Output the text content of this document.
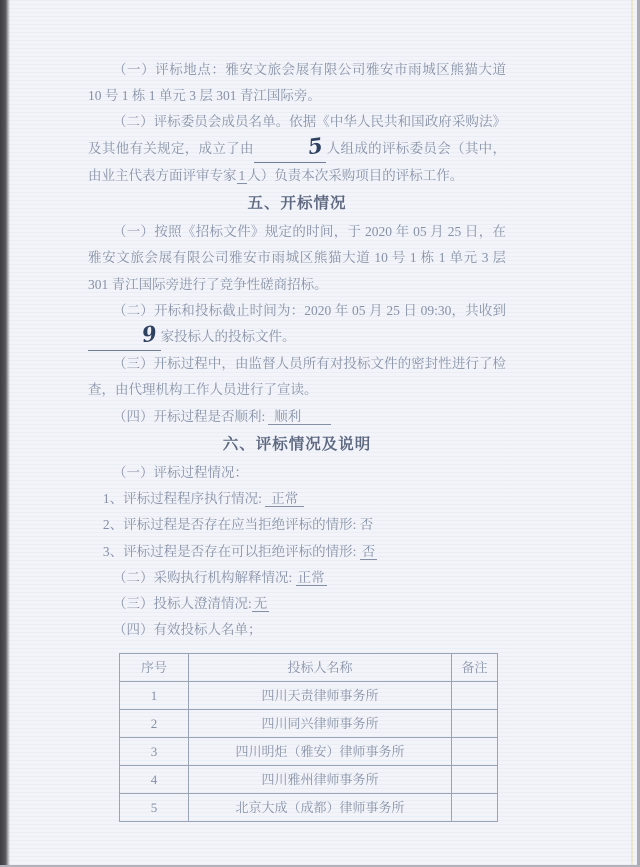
（一）评标地点：雅安文旅会展有限公司雅安市雨城区熊猫大道 10 号 1 栋 1 单元 3 层 301 青江国际旁。

（二）评标委员会成员名单。依据《中华人民共和国政府采购法》及其他有关规定，成立了由 5 人组成的评标委员会（其中，由业主代表方面评审专家 1 人）负责本次采购项目的评标工作。

五、开标情况

（一）按照《招标文件》规定的时间，于 2020 年 05 月 25 日，在雅安文旅会展有限公司雅安市雨城区熊猫大道 10 号 1 栋 1 单元 3 层 301 青江国际旁进行了竞争性磋商招标。

（二）开标和投标截止时间为：2020 年 05 月 25 日 09:30，共收到9 家投标人的投标文件。

（三）开标过程中，由监督人员所有对投标文件的密封性进行了检查，由代理机构工作人员进行了宣读。

（四）开标过程是否顺利: 顺利

六、评标情况及说明

（一）评标过程情况：

1、评标过程程序执行情况: 正常

2、评标过程是否存在应当拒绝评标的情形: 否

3、评标过程是否存在可以拒绝评标的情形: 否

（二）采购执行机构解释情况: 正常

（三）投标人澄清情况: 无

（四）有效投标人名单；

序号	投标人名称	备注
1	四川天责律师事务所	
2	四川同兴律师事务所	
3	四川明炬（雅安）律师事务所	
4	四川雅州律师事务所	
5	北京大成（成都）律师事务所	
